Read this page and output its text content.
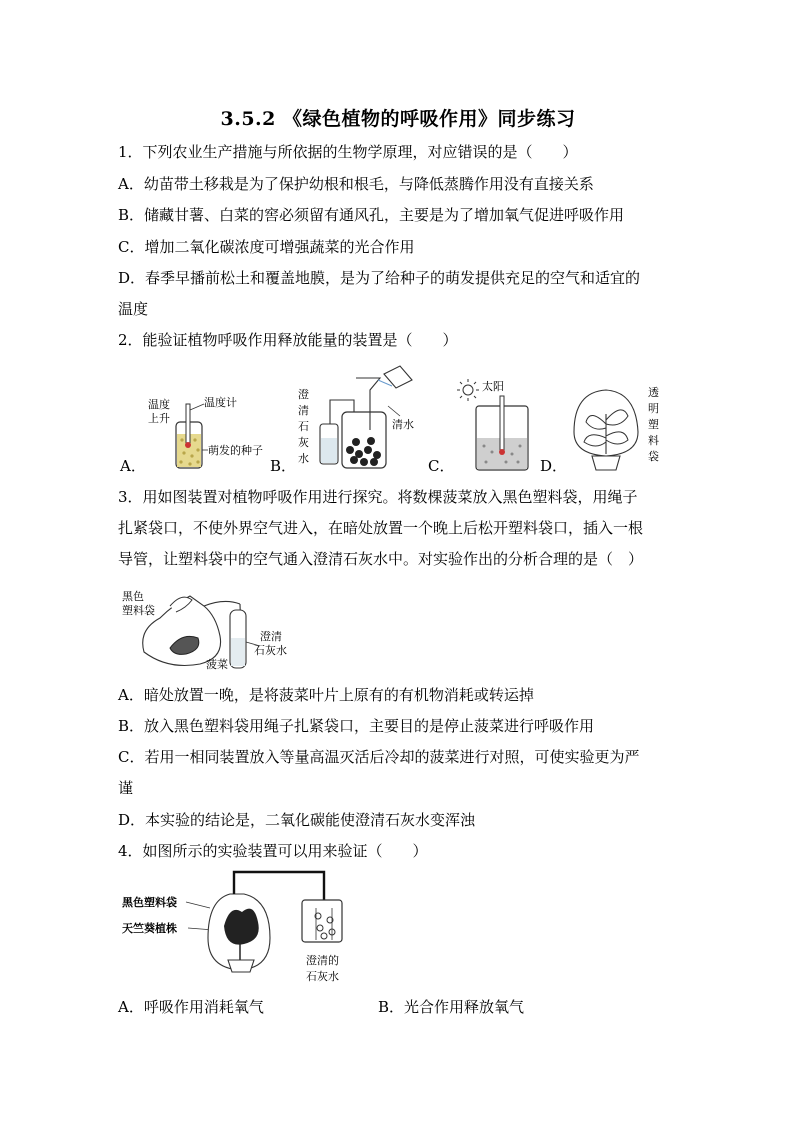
3.5.2 《绿色植物的呼吸作用》同步练习
1．下列农业生产措施与所依据的生物学原理，对应错误的是（　　）
A．幼苗带土移栽是为了保护幼根和根毛，与降低蒸腾作用没有直接关系
B．储藏甘薯、白菜的窖必须留有通风孔，主要是为了增加氧气促进呼吸作用
C．增加二氧化碳浓度可增强蔬菜的光合作用
D．春季早播前松土和覆盖地膜，是为了给种子的萌发提供充足的空气和适宜的
温度
2．能验证植物呼吸作用释放能量的装置是（　　）
A．
温度
上升
温度计
萌发的种子
B．
澄
清
石
灰
水
清水
C．
太阳
D．
透
明
塑
料
袋
3．用如图装置对植物呼吸作用进行探究。将数棵菠菜放入黑色塑料袋，用绳子
扎紧袋口，不使外界空气进入，在暗处放置一个晚上后松开塑料袋口，插入一根
导管，让塑料袋中的空气通入澄清石灰水中。对实验作出的分析合理的是（　）
黑色
塑料袋
澄清
石灰水
菠菜
A．暗处放置一晚，是将菠菜叶片上原有的有机物消耗或转运掉
B．放入黑色塑料袋用绳子扎紧袋口，主要目的是停止菠菜进行呼吸作用
C．若用一相同装置放入等量高温灭活后冷却的菠菜进行对照，可使实验更为严
谨
D．本实验的结论是，二氧化碳能使澄清石灰水变浑浊
4．如图所示的实验装置可以用来验证（　　）
黑色塑料袋
天竺葵植株
澄清的
石灰水
A．呼吸作用消耗氧气	B．光合作用释放氧气
